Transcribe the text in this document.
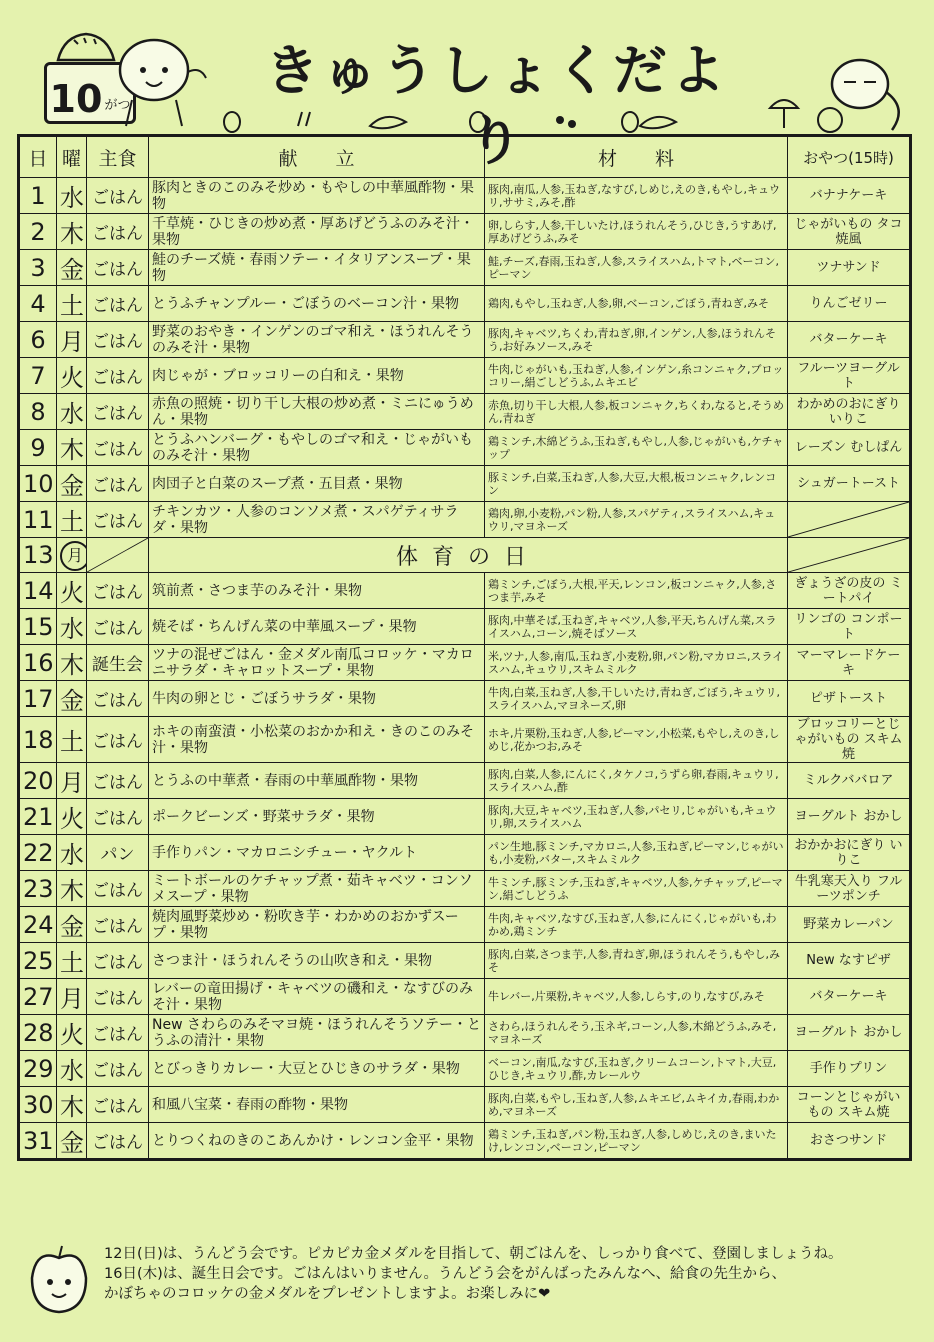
10 がつ
きゅうしょくだより
日	曜	主食	献　　立	材　　料	おやつ(15時)
1	水	ごはん	豚肉ときのこのみそ炒め・もやしの中華風酢物・果物	豚肉,南瓜,人参,玉ねぎ,なすび,しめじ,えのき,もやし,キュウリ,ササミ,みそ,酢	バナナケーキ
2	木	ごはん	千草焼・ひじきの炒め煮・厚あげどうふのみそ汁・果物	卵,しらす,人参,干しいたけ,ほうれんそう,ひじき,うすあげ,厚あげどうふ,みそ	じゃがいもの タコ焼風
3	金	ごはん	鮭のチーズ焼・春雨ソテー・イタリアンスープ・果物	鮭,チーズ,春雨,玉ねぎ,人参,スライスハム,トマト,ベーコン,ピーマン	ツナサンド
4	土	ごはん	とうふチャンプルー・ごぼうのベーコン汁・果物	鶏肉,もやし,玉ねぎ,人参,卵,ベーコン,ごぼう,青ねぎ,みそ	りんごゼリー
6	月	ごはん	野菜のおやき・インゲンのゴマ和え・ほうれんそうのみそ汁・果物	豚肉,キャベツ,ちくわ,青ねぎ,卵,インゲン,人参,ほうれんそう,お好みソース,みそ	バターケーキ
7	火	ごはん	肉じゃが・ブロッコリーの白和え・果物	牛肉,じゃがいも,玉ねぎ,人参,インゲン,糸コンニャク,ブロッコリー,絹ごしどうふ,ムキエビ	フルーツヨーグルト
8	水	ごはん	赤魚の照焼・切り干し大根の炒め煮・ミニにゅうめん・果物	赤魚,切り干し大根,人参,板コンニャク,ちくわ,なると,そうめん,青ねぎ	わかめのおにぎり いりこ
9	木	ごはん	とうふハンバーグ・もやしのゴマ和え・じゃがいものみそ汁・果物	鶏ミンチ,木綿どうふ,玉ねぎ,もやし,人参,じゃがいも,ケチャップ	レーズン むしぱん
10	金	ごはん	肉団子と白菜のスープ煮・五目煮・果物	豚ミンチ,白菜,玉ねぎ,人参,大豆,大根,板コンニャク,レンコン	シュガートースト
11	土	ごはん	チキンカツ・人参のコンソメ煮・スパゲティサラダ・果物	鶏肉,卵,小麦粉,パン粉,人参,スパゲティ,スライスハム,キュウリ,マヨネーズ	

13	月		体育の日	

14	火	ごはん	筑前煮・さつま芋のみそ汁・果物	鶏ミンチ,ごぼう,大根,平天,レンコン,板コンニャク,人参,さつま芋,みそ	ぎょうざの皮の ミートパイ
15	水	ごはん	焼そば・ちんげん菜の中華風スープ・果物	豚肉,中華そば,玉ねぎ,キャベツ,人参,平天,ちんげん菜,スライスハム,コーン,焼そばソース	リンゴの コンポート
16	木	誕生会	ツナの混ぜごはん・金メダル南瓜コロッケ・マカロニサラダ・キャロットスープ・果物	米,ツナ,人参,南瓜,玉ねぎ,小麦粉,卵,パン粉,マカロニ,スライスハム,キュウリ,スキムミルク	マーマレードケーキ
17	金	ごはん	牛肉の卵とじ・ごぼうサラダ・果物	牛肉,白菜,玉ねぎ,人参,干しいたけ,青ねぎ,ごぼう,キュウリ,スライスハム,マヨネーズ,卵	ピザトースト
18	土	ごはん	ホキの南蛮漬・小松菜のおかか和え・きのこのみそ汁・果物	ホキ,片栗粉,玉ねぎ,人参,ピーマン,小松菜,もやし,えのき,しめじ,花かつお,みそ	ブロッコリーとじゃがいもの スキム焼
20	月	ごはん	とうふの中華煮・春雨の中華風酢物・果物	豚肉,白菜,人参,にんにく,タケノコ,うずら卵,春雨,キュウリ,スライスハム,酢	ミルクババロア
21	火	ごはん	ポークビーンズ・野菜サラダ・果物	豚肉,大豆,キャベツ,玉ねぎ,人参,パセリ,じゃがいも,キュウリ,卵,スライスハム	ヨーグルト おかし
22	水	パン	手作りパン・マカロニシチュー・ヤクルト	パン生地,豚ミンチ,マカロニ,人参,玉ねぎ,ピーマン,じゃがいも,小麦粉,バター,スキムミルク	おかかおにぎり いりこ
23	木	ごはん	ミートボールのケチャップ煮・茹キャベツ・コンソメスープ・果物	牛ミンチ,豚ミンチ,玉ねぎ,キャベツ,人参,ケチャップ,ピーマン,絹ごしどうふ	牛乳寒天入り フルーツポンチ
24	金	ごはん	焼肉風野菜炒め・粉吹き芋・わかめのおかずスープ・果物	牛肉,キャベツ,なすび,玉ねぎ,人参,にんにく,じゃがいも,わかめ,鶏ミンチ	野菜カレーパン
25	土	ごはん	さつま汁・ほうれんそうの山吹き和え・果物	豚肉,白菜,さつま芋,人参,青ねぎ,卵,ほうれんそう,もやし,みそ	New なすピザ
27	月	ごはん	レバーの竜田揚げ・キャベツの磯和え・なすびのみそ汁・果物	牛レバー,片栗粉,キャベツ,人参,しらす,のり,なすび,みそ	バターケーキ
28	火	ごはん	New さわらのみそマヨ焼・ほうれんそうソテー・とうふの清汁・果物	さわら,ほうれんそう,玉ネギ,コーン,人参,木綿どうふ,みそ,マヨネーズ	ヨーグルト おかし
29	水	ごはん	とびっきりカレー・大豆とひじきのサラダ・果物	ベーコン,南瓜,なすび,玉ねぎ,クリームコーン,トマト,大豆,ひじき,キュウリ,酢,カレールウ	手作りプリン
30	木	ごはん	和風八宝菜・春雨の酢物・果物	豚肉,白菜,もやし,玉ねぎ,人参,ムキエビ,ムキイカ,春雨,わかめ,マヨネーズ	コーンとじゃがいもの スキム焼
31	金	ごはん	とりつくねのきのこあんかけ・レンコン金平・果物	鶏ミンチ,玉ねぎ,パン粉,玉ねぎ,人参,しめじ,えのき,まいたけ,レンコン,ベーコン,ピーマン	おさつサンド
12日(日)は、うんどう会です。ピカピカ金メダルを目指して、朝ごはんを、しっかり食べて、登園しましょうね。
16日(木)は、誕生日会です。ごはんはいりません。うんどう会をがんばったみんなへ、給食の先生から、
かぼちゃのコロッケの金メダルをプレゼントしますよ。お楽しみに❤
